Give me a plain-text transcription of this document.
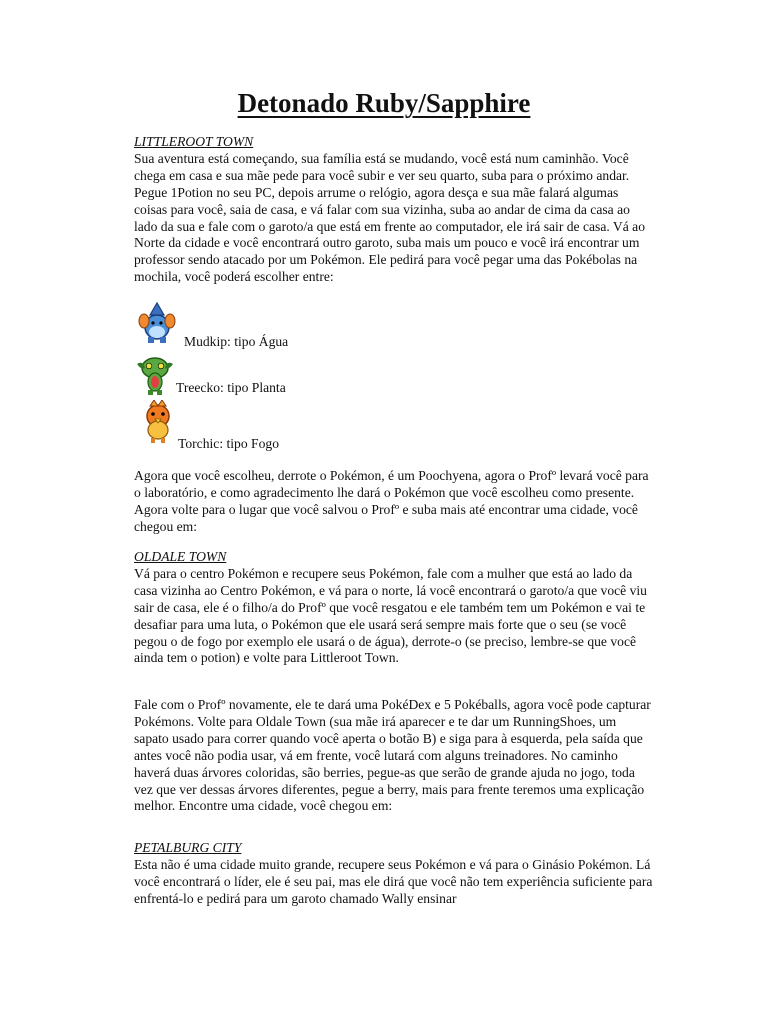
Detonado Ruby/Sapphire
LITTLEROOT TOWN

Sua aventura está começando, sua família está se mudando, você está num caminhão. Você chega em casa e sua mãe pede para você subir e ver seu quarto, suba para o próximo andar. Pegue 1Potion no seu PC, depois arrume o relógio, agora desça e sua mãe falará algumas coisas para você, saia de casa, e vá falar com sua vizinha, suba ao andar de cima da casa ao lado da sua e fale com o garoto/a que está em frente ao computador, ele irá sair de casa. Vá ao Norte da cidade e você encontrará outro garoto, suba mais um pouco e você irá encontrar um professor sendo atacado por um Pokémon. Ele pedirá para você pegar uma das Pokébolas na mochila, você poderá escolher entre:

Mudkip: tipo Água
Treecko: tipo Planta
Torchic: tipo Fogo

Agora que você escolheu, derrote o Pokémon, é um Poochyena, agora o Profº levará você para o laboratório, e como agradecimento lhe dará o Pokémon que você escolheu como presente. Agora volte para o lugar que você salvou o Profº e suba mais até encontrar uma cidade, você chegou em:

OLDALE TOWN

Vá para o centro Pokémon e recupere seus Pokémon, fale com a mulher que está ao lado da casa vizinha ao Centro Pokémon, e vá para o norte, lá você encontrará o garoto/a que você viu sair de casa, ele é o filho/a do Profº que você resgatou e ele também tem um Pokémon e vai te desafiar para uma luta, o Pokémon que ele usará será sempre mais forte que o seu (se você pegou o de fogo por exemplo ele usará o de água), derrote-o (se preciso, lembre-se que você ainda tem o potion) e volte para Littleroot Town.

Fale com o Profº novamente, ele te dará uma PokéDex e 5 Pokéballs, agora você pode capturar Pokémons. Volte para Oldale Town (sua mãe irá aparecer e te dar um RunningShoes, um sapato usado para correr quando você aperta o botão B) e siga para à esquerda, pela saída que antes você não podia usar, vá em frente, você lutará com alguns treinadores. No caminho haverá duas árvores coloridas, são berries, pegue-as que serão de grande ajuda no jogo, toda vez que ver dessas árvores diferentes, pegue a berry, mais para frente teremos uma explicação melhor. Encontre uma cidade, você chegou em:

PETALBURG CITY

Esta não é uma cidade muito grande, recupere seus Pokémon e vá para o Ginásio Pokémon. Lá você encontrará o líder, ele é seu pai, mas ele dirá que você não tem experiência suficiente para enfrentá-lo e pedirá para um garoto chamado Wally ensinar
